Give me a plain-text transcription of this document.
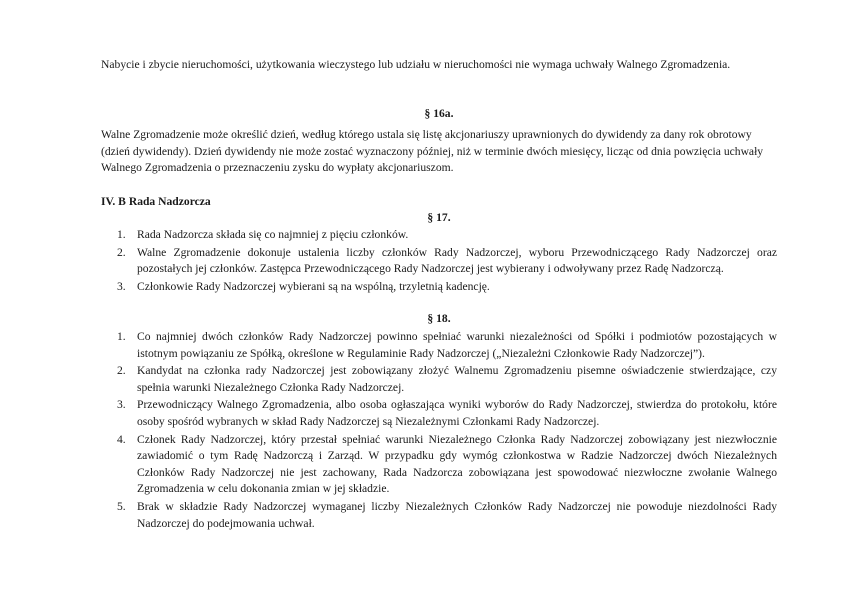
Nabycie i zbycie nieruchomości, użytkowania wieczystego lub udziału w nieruchomości nie wymaga uchwały Walnego Zgromadzenia.

§ 16a.

Walne Zgromadzenie może określić dzień, według którego ustala się listę akcjonariuszy uprawnionych do dywidendy za dany rok obrotowy (dzień dywidendy). Dzień dywidendy nie może zostać wyznaczony później, niż w terminie dwóch miesięcy, licząc od dnia powzięcia uchwały Walnego Zgromadzenia o przeznaczeniu zysku do wypłaty akcjonariuszom.

IV. B Rada Nadzorcza

§ 17.

1. Rada Nadzorcza składa się co najmniej z pięciu członków.
2. Walne Zgromadzenie dokonuje ustalenia liczby członków Rady Nadzorczej, wyboru Przewodniczącego Rady Nadzorczej oraz pozostałych jej członków. Zastępca Przewodniczącego Rady Nadzorczej jest wybierany i odwoływany przez Radę Nadzorczą.
3. Członkowie Rady Nadzorczej wybierani są na wspólną, trzyletnią kadencję.

§ 18.

1. Co najmniej dwóch członków Rady Nadzorczej powinno spełniać warunki niezależności od Spółki i podmiotów pozostających w istotnym powiązaniu ze Spółką, określone w Regulaminie Rady Nadzorczej („Niezależni Członkowie Rady Nadzorczej”).
2. Kandydat na członka rady Nadzorczej jest zobowiązany złożyć Walnemu Zgromadzeniu pisemne oświadczenie stwierdzające, czy spełnia warunki Niezależnego Członka Rady Nadzorczej.
3. Przewodniczący Walnego Zgromadzenia, albo osoba ogłaszająca wyniki wyborów do Rady Nadzorczej, stwierdza do protokołu, które osoby spośród wybranych w skład Rady Nadzorczej są Niezależnymi Członkami Rady Nadzorczej.
4. Członek Rady Nadzorczej, który przestał spełniać warunki Niezależnego Członka Rady Nadzorczej zobowiązany jest niezwłocznie zawiadomić o tym Radę Nadzorczą i Zarząd. W przypadku gdy wymóg członkostwa w Radzie Nadzorczej dwóch Niezależnych Członków Rady Nadzorczej nie jest zachowany, Rada Nadzorcza zobowiązana jest spowodować niezwłoczne zwołanie Walnego Zgromadzenia w celu dokonania zmian w jej składzie.
5. Brak w składzie Rady Nadzorczej wymaganej liczby Niezależnych Członków Rady Nadzorczej nie powoduje niezdolności Rady Nadzorczej do podejmowania uchwał.
